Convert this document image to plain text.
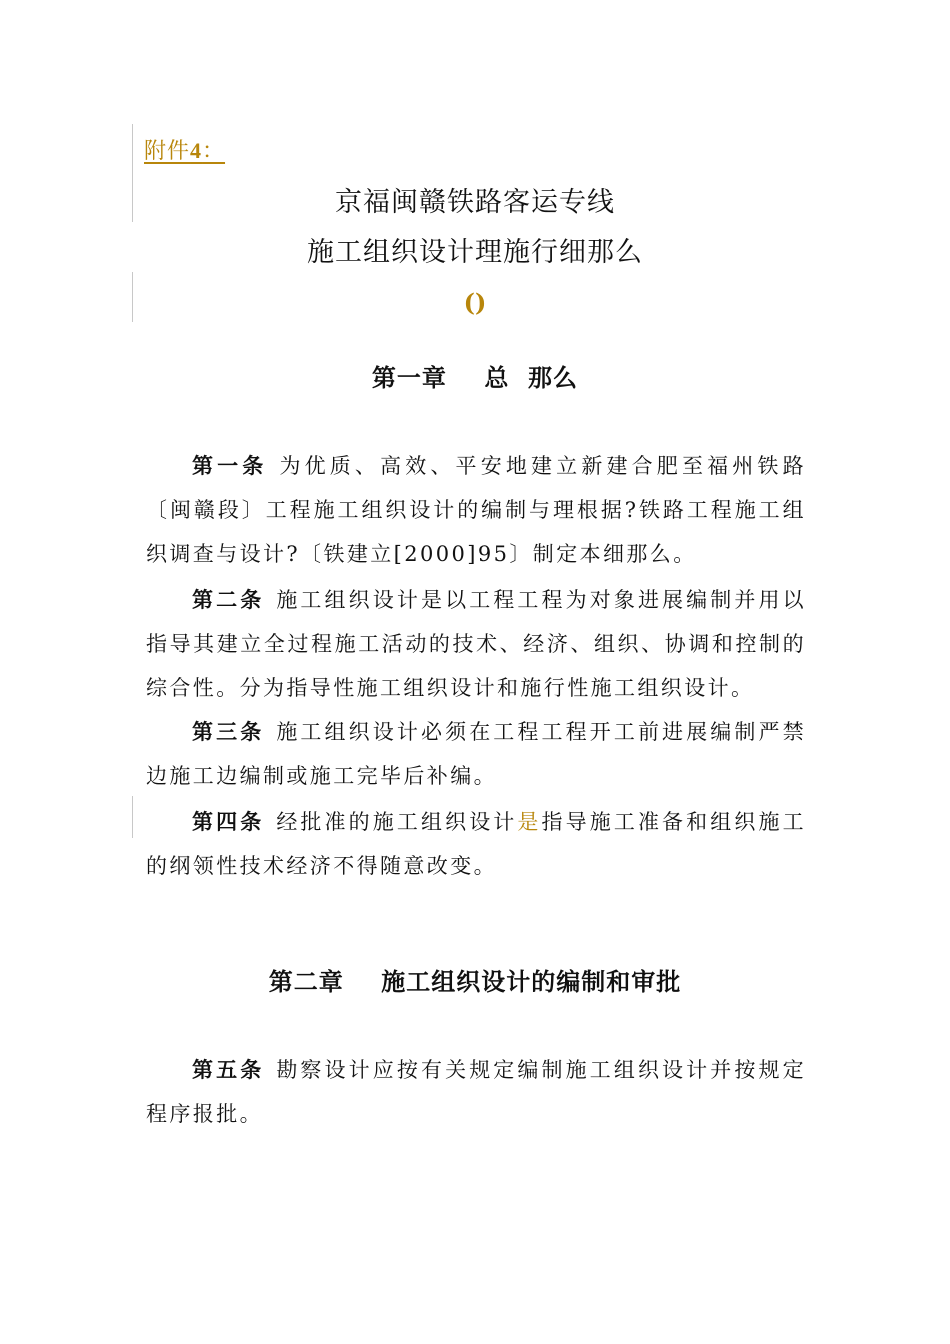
附件4：
京福闽赣铁路客运专线
施工组织设计理施行细那么
()
第一章    总  那么
第一条 为优质、高效、平安地建立新建合肥至福州铁路〔闽赣段〕工程施工组织设计的编制与理根据?铁路工程施工组织调查与设计?〔铁建立[2000]95〕制定本细那么。
第二条 施工组织设计是以工程工程为对象进展编制并用以指导其建立全过程施工活动的技术、经济、组织、协调和控制的综合性。分为指导性施工组织设计和施行性施工组织设计。
第三条 施工组织设计必须在工程工程开工前进展编制严禁边施工边编制或施工完毕后补编。
第四条 经批准的施工组织设计是指导施工准备和组织施工的纲领性技术经济不得随意改变。
第二章    施工组织设计的编制和审批
第五条 勘察设计应按有关规定编制施工组织设计并按规定程序报批。
